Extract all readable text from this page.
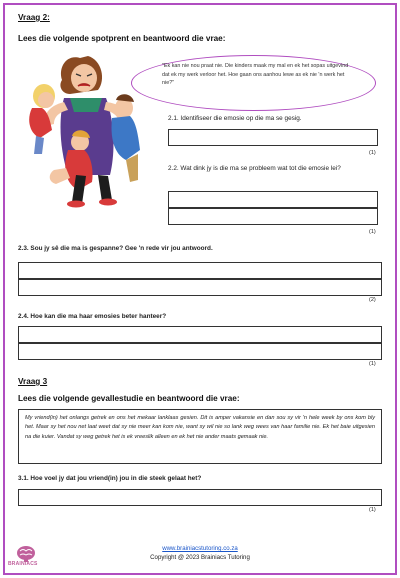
Vraag 2:
Lees die volgende spotprent en beantwoord die vrae:
"Ek kan nie nou praat nie. Die kinders maak my mal en ek het sopas uitgevind dat ek my werk verloor het. Hoe gaan ons aanhou lewe as ek nie 'n werk het nie?"
2.1. Identifiseer die emosie op die ma se gesig.
(1)
2.2. Wat dink jy is die ma se probleem wat tot die emosie lei?
(1)
2.3. Sou jy sê die ma is gespanne? Gee 'n rede vir jou antwoord.
(2)
2.4. Hoe kan die ma haar emosies beter hanteer?
(1)
Vraag 3
Lees die volgende gevallestudie en beantwoord die vrae:
My vriend(in) het onlangs getrek en ons het mekaar lanklaas gesien. Dit is amper vakansie en dan sou sy vir 'n hele week by ons kom bly het. Maar sy het nou net laat weet dat sy nie meer kan kom nie, want sy wil nie so lank weg wees van haar familie nie. Ek het baie uitgesien na die kuier. Vandat sy weg getrek het is ek vreeslik alleen en ek het nie ander maats gemaak nie.
3.1. Hoe voel jy dat jou vriend(in) jou in die steek gelaat het?
(1)
BRAINIACS
www.brainiacstutoring.co.za
Copyright @ 2023 Brainiacs Tutoring
